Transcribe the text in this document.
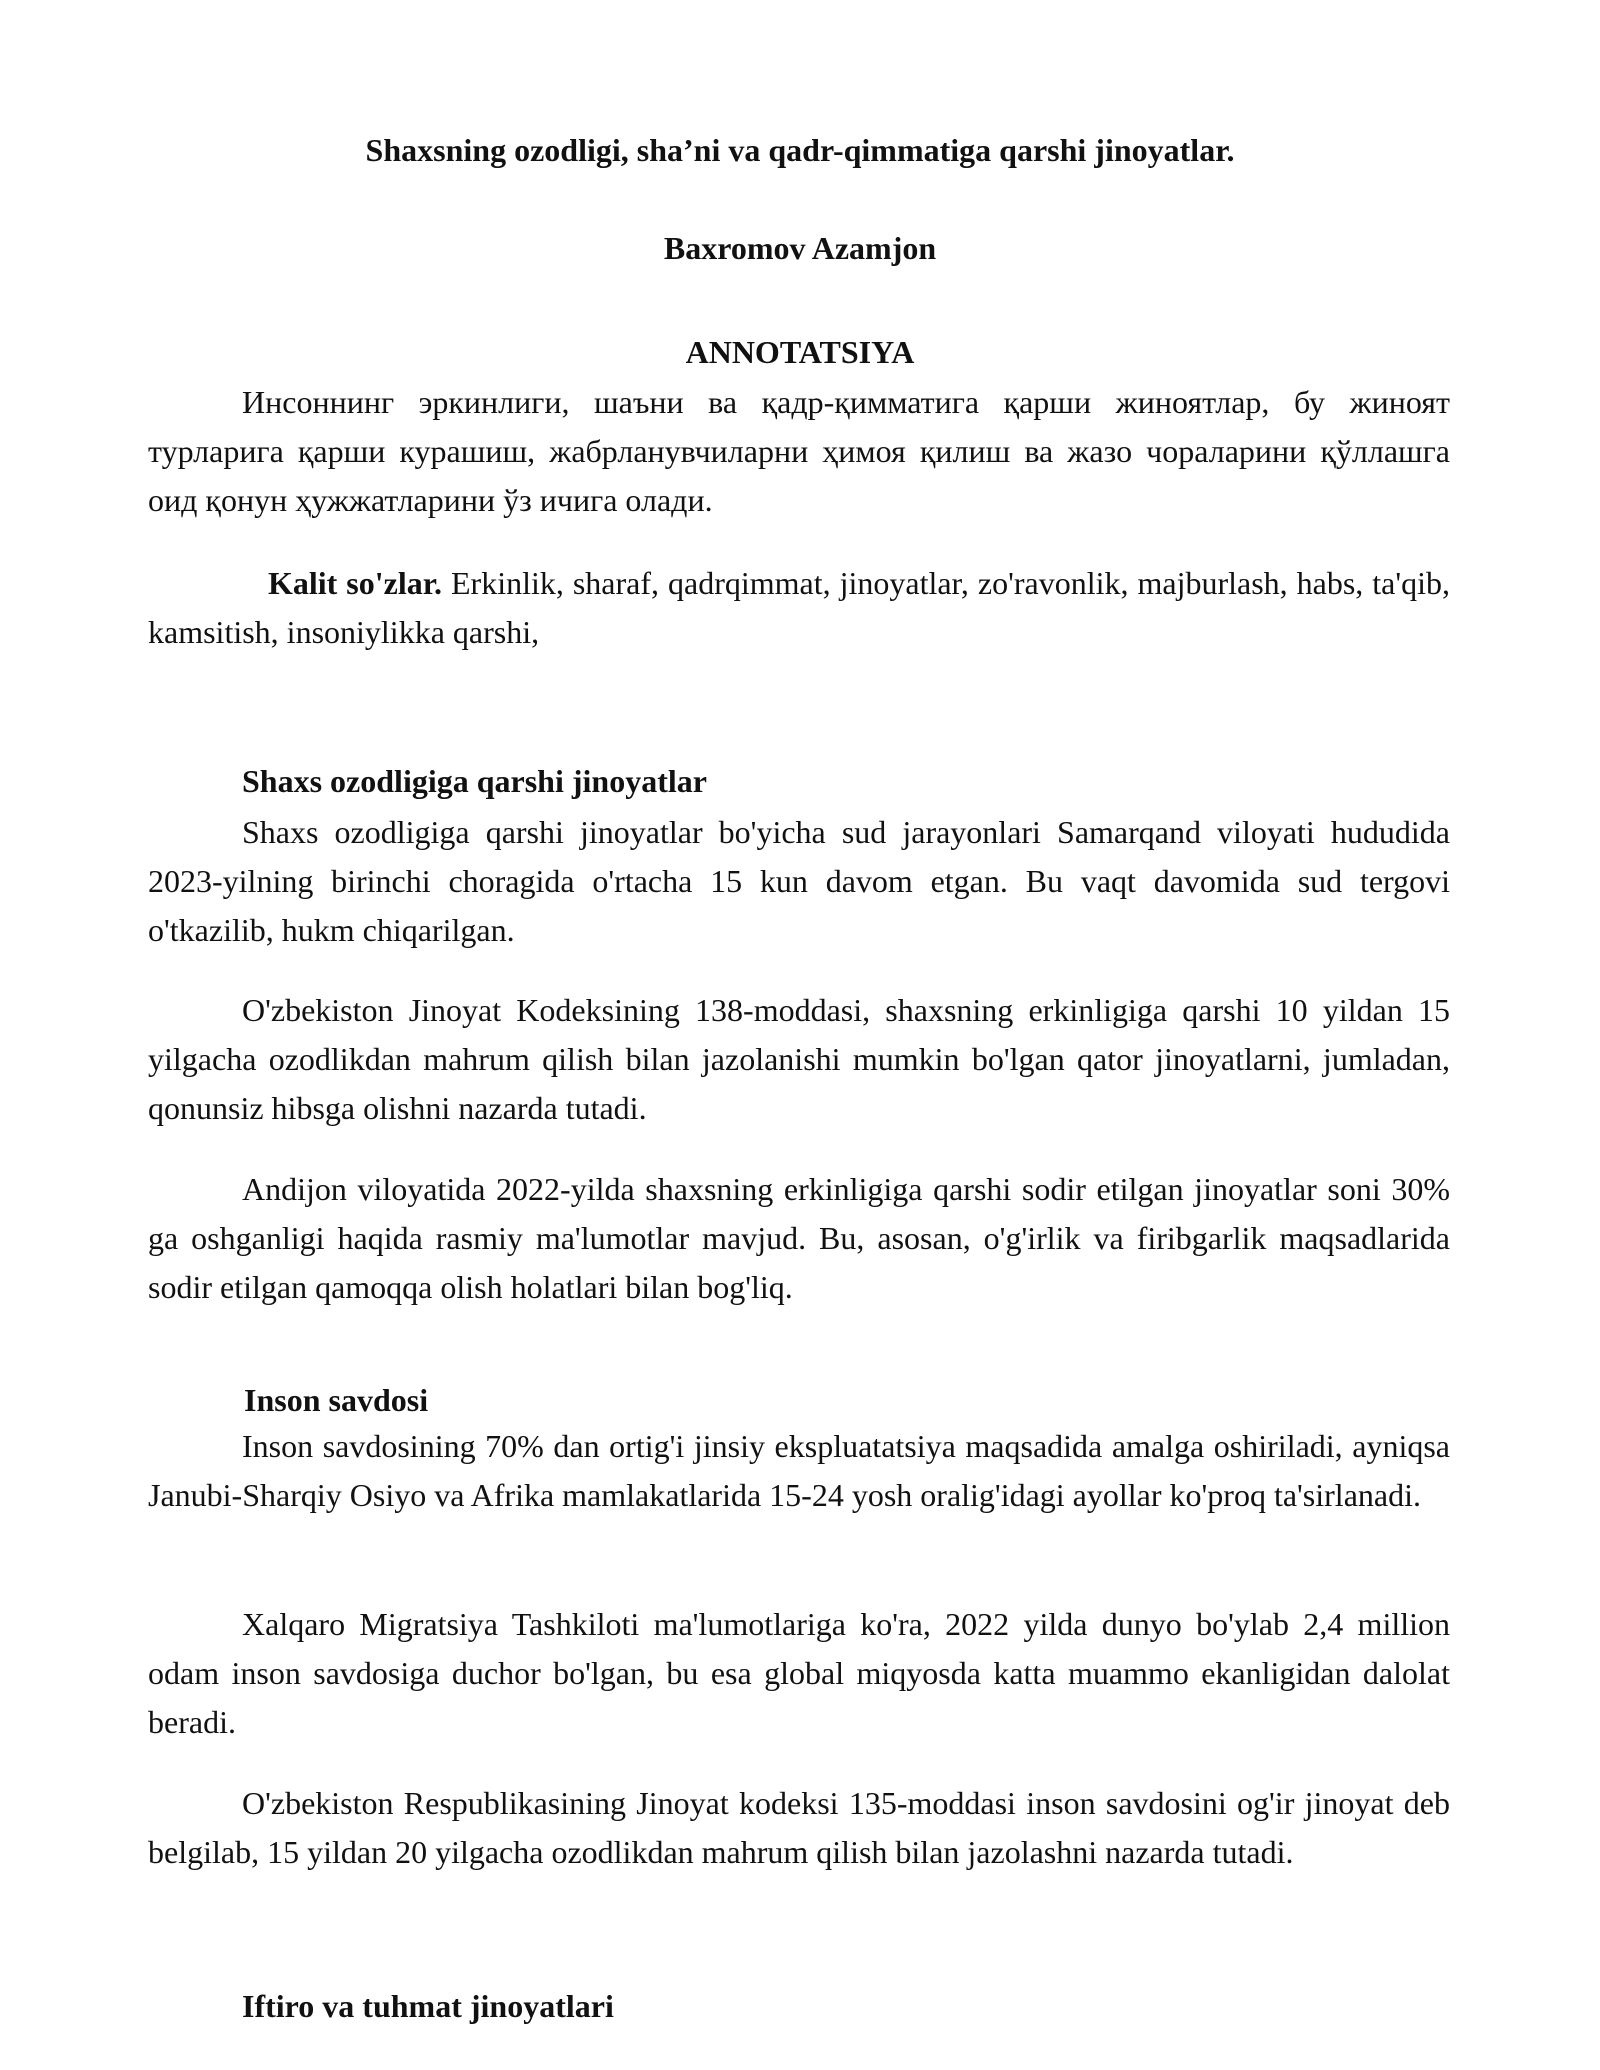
Shaxsning ozodligi, sha’ni va qadr-qimmatiga qarshi jinoyatlar.
Baxromov Azamjon
ANNOTATSIYA
Инсоннинг эркинлиги, шаъни ва қадр-қимматига қарши жиноятлар, бу жиноят турларига қарши курашиш, жабрланувчиларни ҳимоя қилиш ва жазо чораларини қўллашга оид қонун ҳужжатларини ўз ичига олади.
Kalit so'zlar. Erkinlik, sharaf, qadrqimmat, jinoyatlar, zo'ravonlik, majburlash, habs, ta'qib, kamsitish, insoniylikka qarshi,
Shaxs ozodligiga qarshi jinoyatlar
Shaxs ozodligiga qarshi jinoyatlar bo'yicha sud jarayonlari Samarqand viloyati hududida 2023-yilning birinchi choragida o'rtacha 15 kun davom etgan. Bu vaqt davomida sud tergovi o'tkazilib, hukm chiqarilgan.
O'zbekiston Jinoyat Kodeksining 138-moddasi, shaxsning erkinligiga qarshi 10 yildan 15 yilgacha ozodlikdan mahrum qilish bilan jazolanishi mumkin bo'lgan qator jinoyatlarni, jumladan, qonunsiz hibsga olishni nazarda tutadi.
Andijon viloyatida 2022-yilda shaxsning erkinligiga qarshi sodir etilgan jinoyatlar soni 30% ga oshganligi haqida rasmiy ma'lumotlar mavjud. Bu, asosan, o'g'irlik va firibgarlik maqsadlarida sodir etilgan qamoqqa olish holatlari bilan bog'liq.
Inson savdosi
Inson savdosining 70% dan ortig'i jinsiy ekspluatatsiya maqsadida amalga oshiriladi, ayniqsa Janubi-Sharqiy Osiyo va Afrika mamlakatlarida 15-24 yosh oralig'idagi ayollar ko'proq ta'sirlanadi.
Xalqaro Migratsiya Tashkiloti ma'lumotlariga ko'ra, 2022 yilda dunyo bo'ylab 2,4 million odam inson savdosiga duchor bo'lgan, bu esa global miqyosda katta muammo ekanligidan dalolat beradi.
O'zbekiston Respublikasining Jinoyat kodeksi 135-moddasi inson savdosini og'ir jinoyat deb belgilab, 15 yildan 20 yilgacha ozodlikdan mahrum qilish bilan jazolashni nazarda tutadi.
Iftiro va tuhmat jinoyatlari
